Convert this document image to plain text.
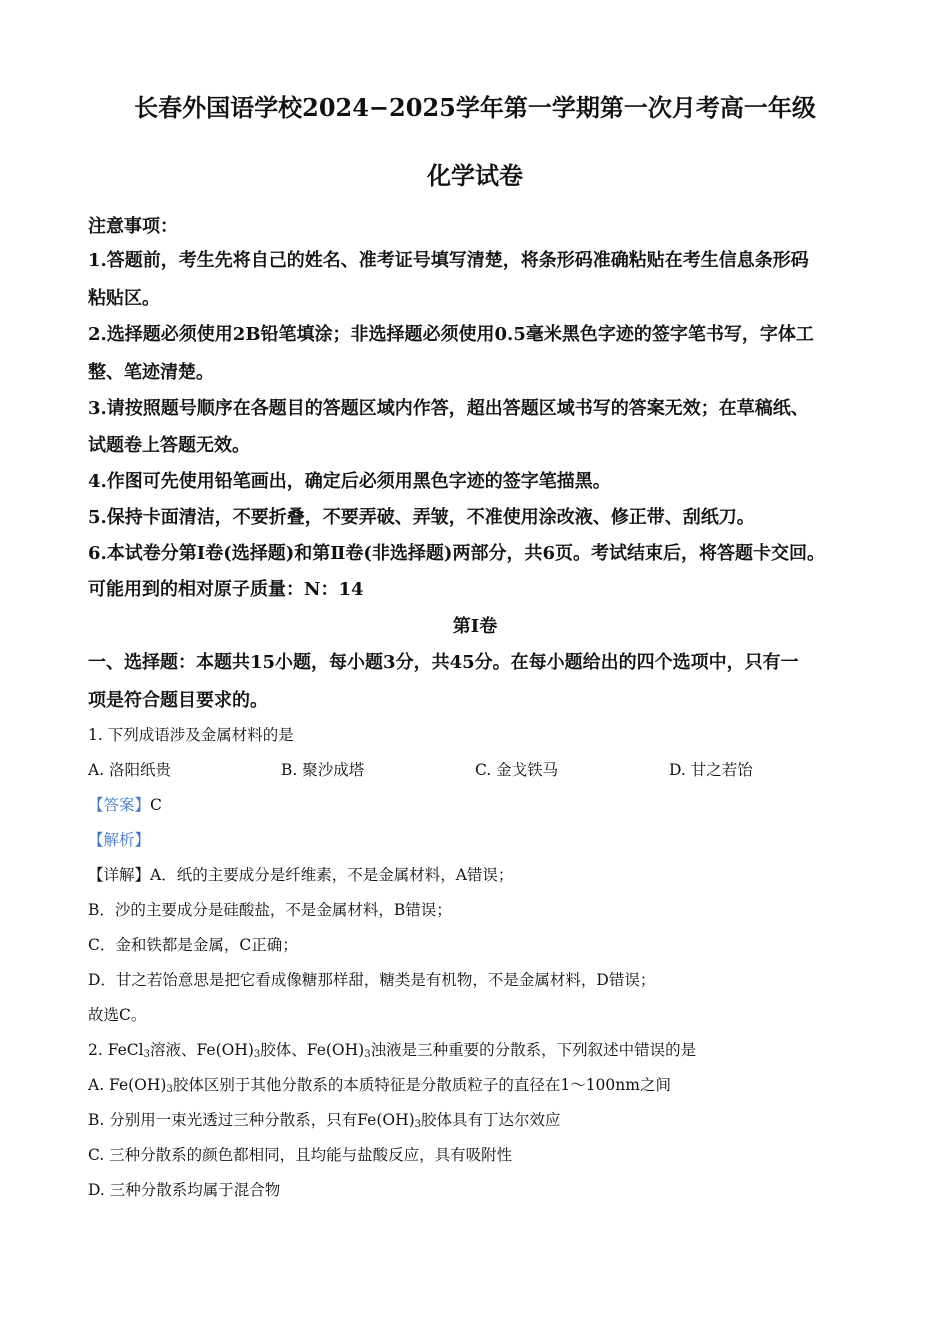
长春外国语学校2024−2025学年第一学期第一次月考高一年级
化学试卷
注意事项：
1.答题前，考生先将自己的姓名、准考证号填写清楚，将条形码准确粘贴在考生信息条形码
粘贴区。
2.选择题必须使用2B铅笔填涂；非选择题必须使用0.5毫米黑色字迹的签字笔书写，字体工
整、笔迹清楚。
3.请按照题号顺序在各题目的答题区域内作答，超出答题区域书写的答案无效；在草稿纸、
试题卷上答题无效。
4.作图可先使用铅笔画出，确定后必须用黑色字迹的签字笔描黑。
5.保持卡面清洁，不要折叠，不要弄破、弄皱，不准使用涂改液、修正带、刮纸刀。
6.本试卷分第Ⅰ卷(选择题)和第Ⅱ卷(非选择题)两部分，共6页。考试结束后，将答题卡交回。
可能用到的相对原子质量：N：14
第Ⅰ卷
一、选择题：本题共15小题，每小题3分，共45分。在每小题给出的四个选项中，只有一
项是符合题目要求的。
1. 下列成语涉及金属材料的是
A. 洛阳纸贵	B. 聚沙成塔	C. 金戈铁马	D. 甘之若饴
【答案】C
【解析】
【详解】A．纸的主要成分是纤维素，不是金属材料，A错误；
B．沙的主要成分是硅酸盐，不是金属材料，B错误；
C．金和铁都是金属，C正确；
D．甘之若饴意思是把它看成像糖那样甜，糖类是有机物，不是金属材料，D错误；
故选C。
2. FeCl$_3$溶液、$Fe(OH)_3$胶体、$Fe(OH)_3$浊液是三种重要的分散系，下列叙述中错误的是
A. $Fe(OH)_3$胶体区别于其他分散系的本质特征是分散质粒子的直径在1～100nm之间
B. 分别用一束光透过三种分散系，只有$Fe(OH)_3$胶体具有丁达尔效应
C. 三种分散系的颜色都相同，且均能与盐酸反应，具有吸附性
D. 三种分散系均属于混合物
